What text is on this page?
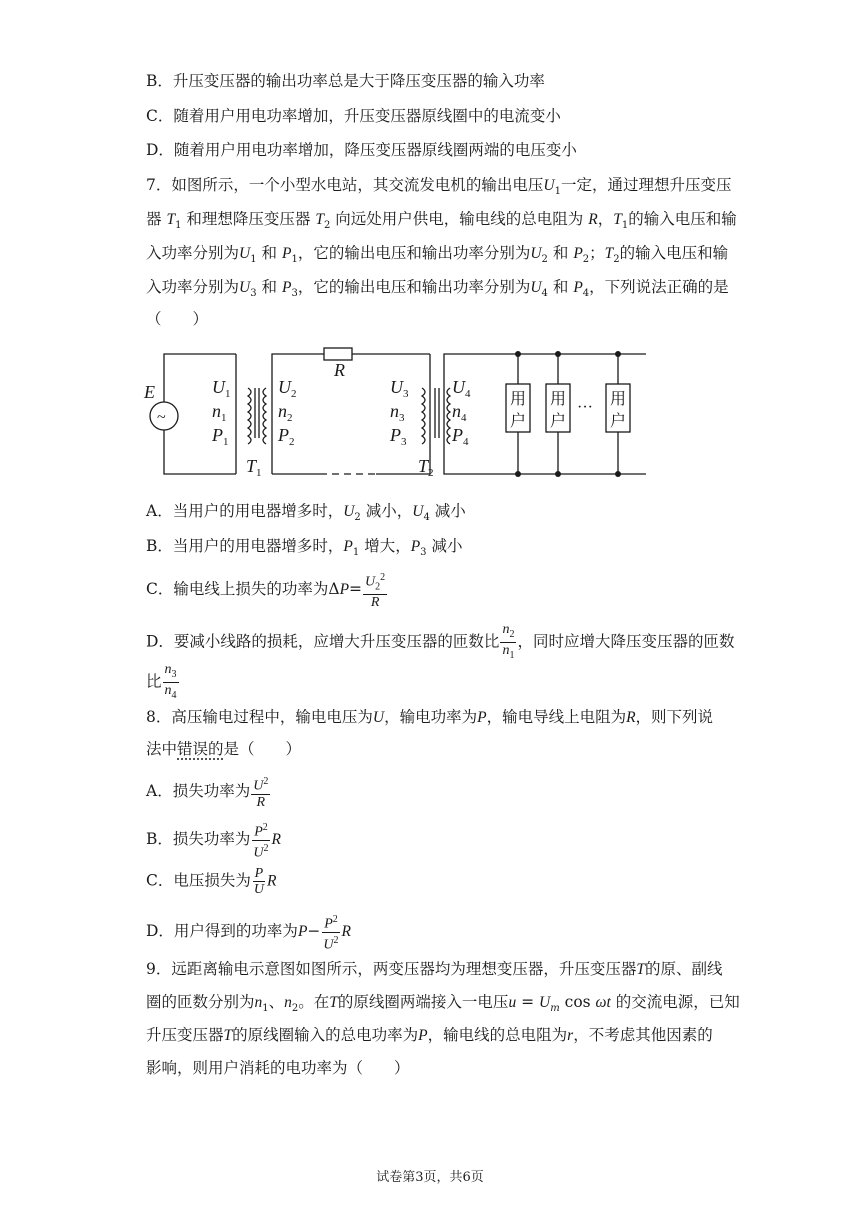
B．升压变压器的输出功率总是大于降压变压器的输入功率
C．随着用户用电功率增加，升压变压器原线圈中的电流变小
D．随着用户用电功率增加，降压变压器原线圈两端的电压变小
7．如图所示，一个小型水电站，其交流发电机的输出电压$U_1$一定，通过理想升压变压
器 $T_1$ 和理想降压变压器 $T_2$ 向远处用户供电，输电线的总电阻为 R，$T_1$的输入电压和输
入功率分别为$U_1$ 和 $P_1$，它的输出电压和输出功率分别为$U_2$ 和 $P_2$；$T_2$的输入电压和输
入功率分别为$U_3$ 和 $P_3$，它的输出电压和输出功率分别为$U_4$ 和 $P_4$，下列说法正确的是
（　　）
E
R
$U_1$
$n_1$
$P_1$
$U_2$
$n_2$
$P_2$
$U_3$
$n_3$
$P_3$
$U_4$
$n_4$
$P_4$
$T_1$	$T_2$
~
用
户
用
户
用
户
···
A．当用户的用电器增多时，$U_2$ 减小，$U_4$ 减小
B．当用户的用电器增多时，$P_1$ 增大，$P_3$ 减小
C．输电线上损失的功率为$\Delta P= \frac{U_2^2}{R}$
D．要减小线路的损耗，应增大升压变压器的匝数比 $\frac{n_2}{n_1}$ ，同时应增大降压变压器的匝数
比 $\frac{n_3}{n_4}$
8．高压输电过程中，输电电压为U，输电功率为P，输电导线上电阻为R，则下列说
法中错误的是（　　）
A．损失功率为 $\frac{U^2}{R}$
B．损失功率为 $\frac{P^2}{U^2}$ R
C．电压损失为 $\frac{P}{U}$ R
D．用户得到的功率为$P- \frac{P^2}{U^2}$ R
9．远距离输电示意图如图所示，两变压器均为理想变压器，升压变压器T的原、副线
圈的匝数分别为$n_1$、$n_2$。在T的原线圈两端接入一电压$u = U_m$ cos ωt 的交流电源，已知
升压变压器T的原线圈输入的总电功率为P，输电线的总电阻为r，不考虑其他因素的
影响，则用户消耗的电功率为（　　）
试卷第3页，共6页
